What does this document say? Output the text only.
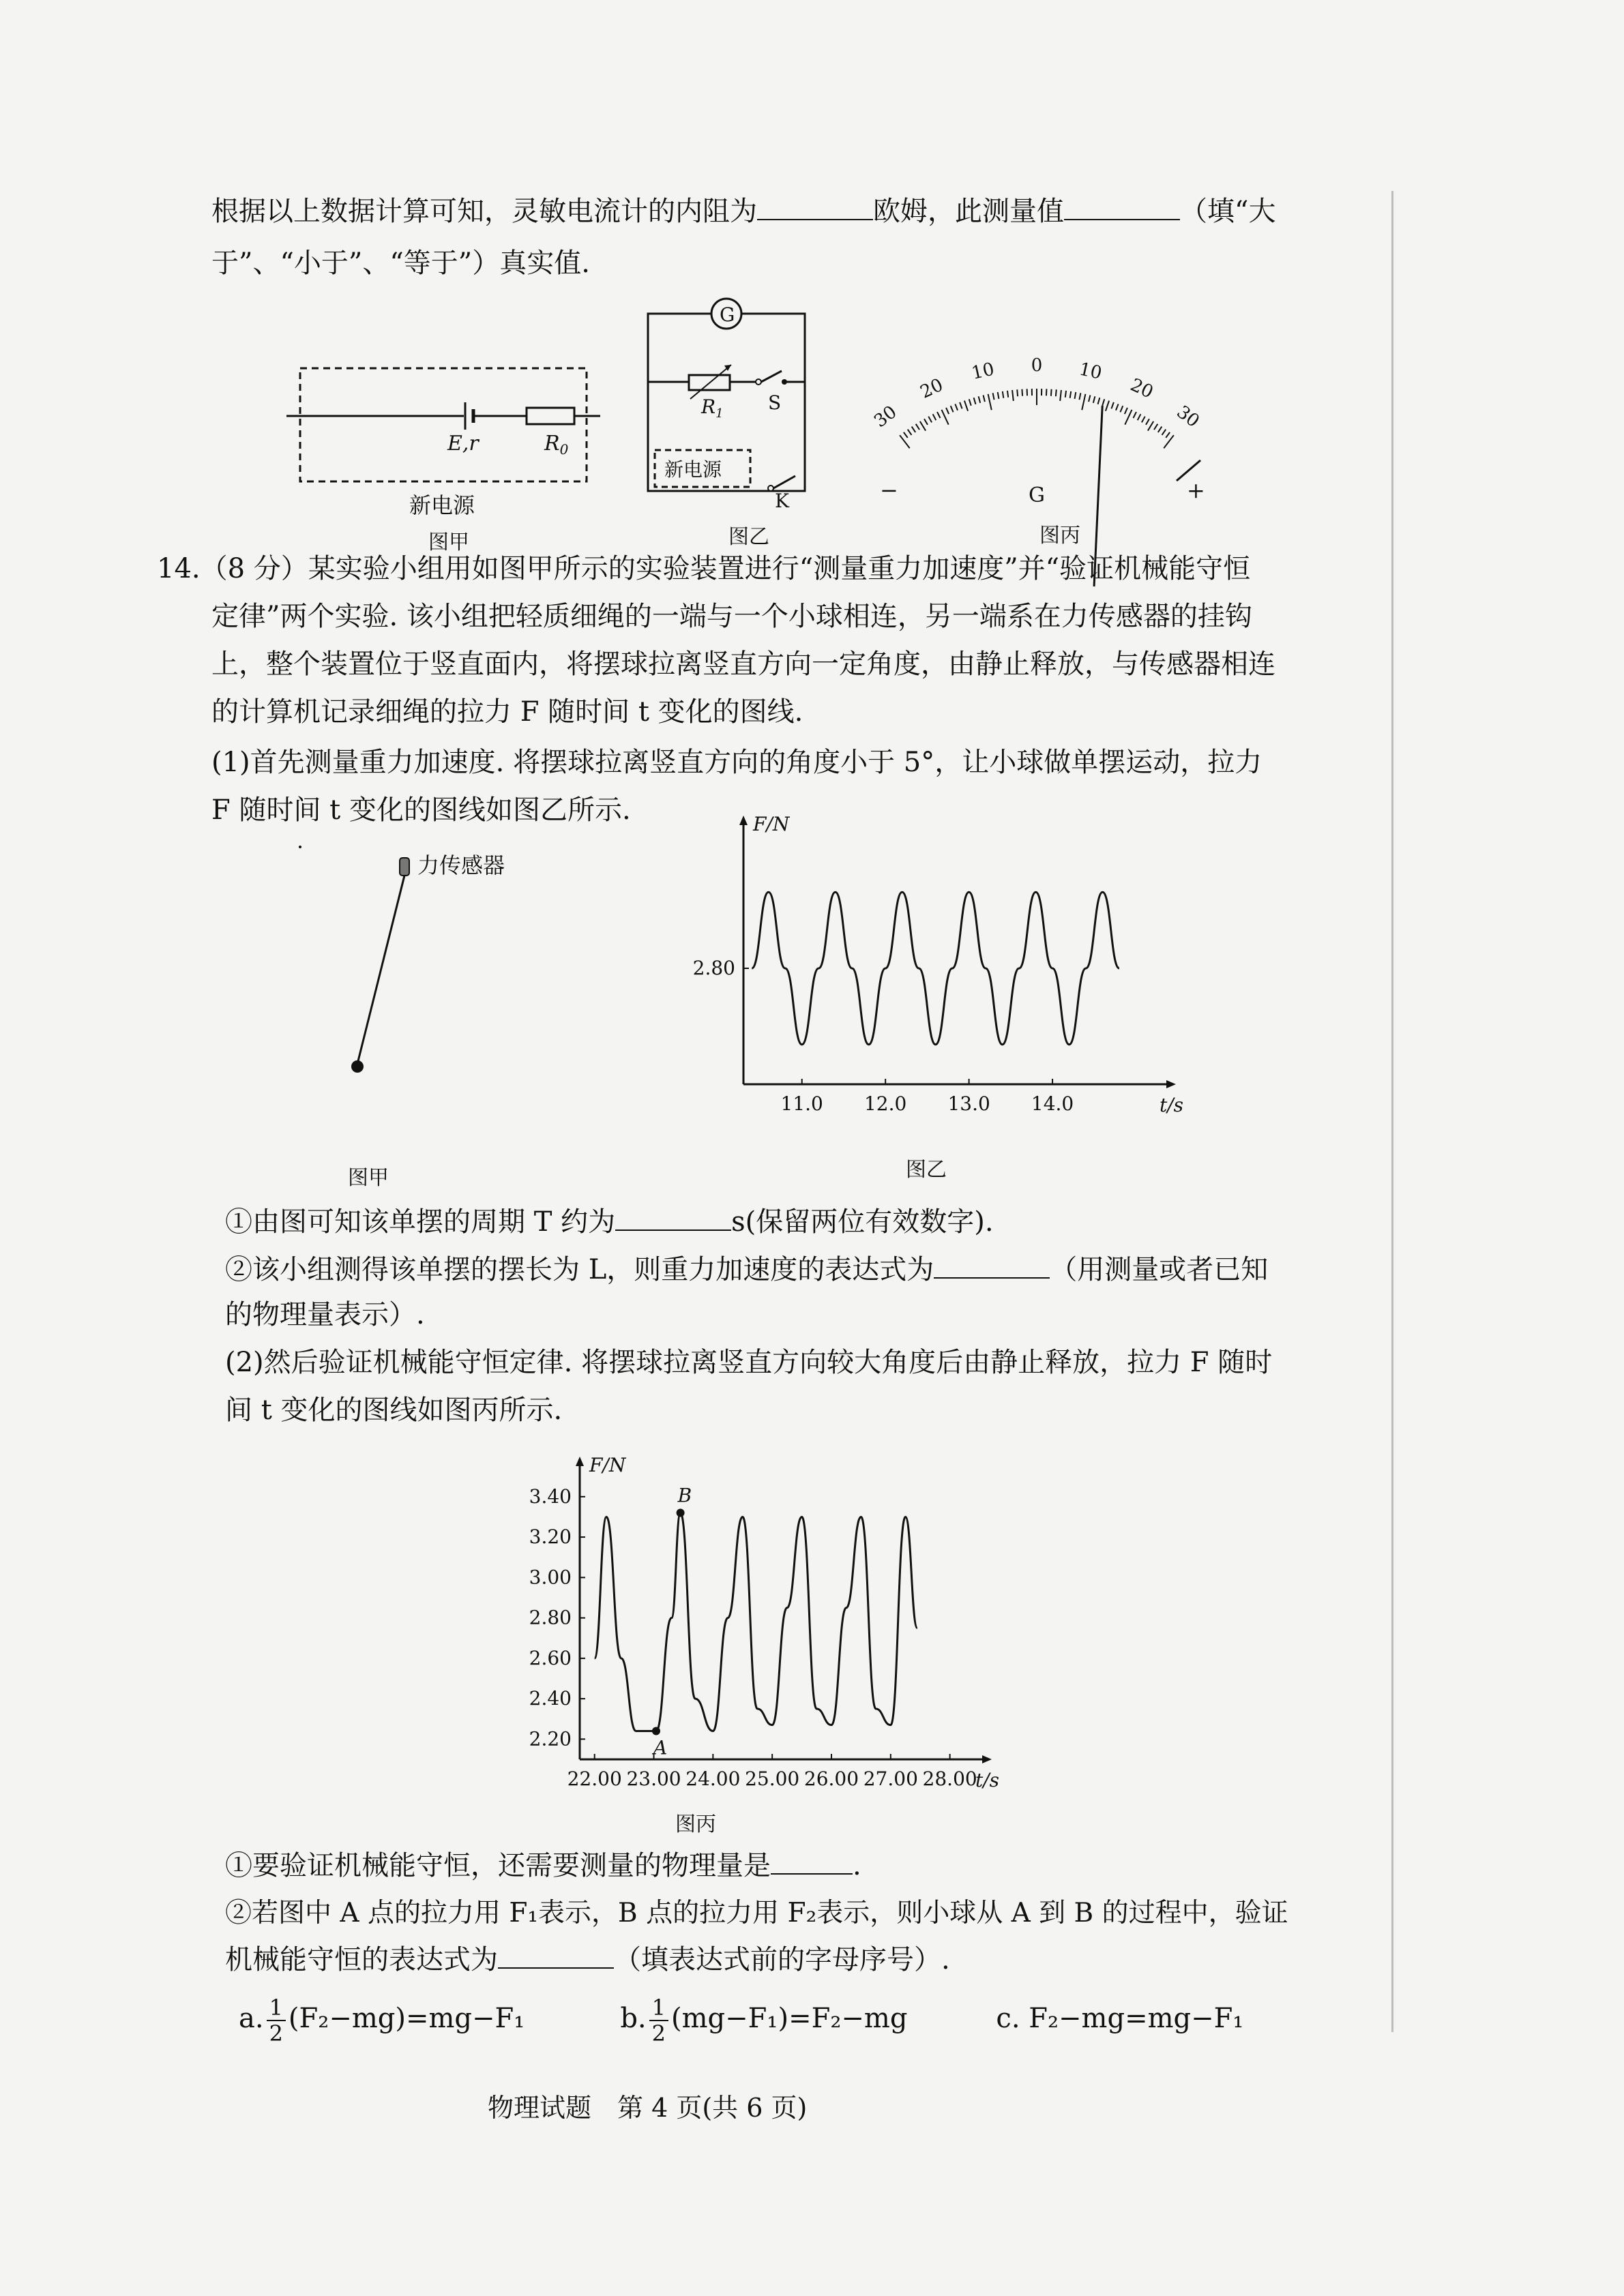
根据以上数据计算可知，灵敏电流计的内阻为	欧姆，此测量值	（填“大
于”、“小于”、“等于”）真实值.
E,r	$R_0$
新电源
图甲
G
$R_1$ S
新电源
K
图乙
30
20
10 0 10
20
30
−	+
G
图丙
14.（8 分）某实验小组用如图甲所示的实验装置进行“测量重力加速度”并“验证机械能守恒
定律”两个实验. 该小组把轻质细绳的一端与一个小球相连，另一端系在力传感器的挂钩
上，整个装置位于竖直面内，将摆球拉离竖直方向一定角度，由静止释放，与传感器相连
的计算机记录细绳的拉力 F 随时间 t 变化的图线.
(1)首先测量重力加速度. 将摆球拉离竖直方向的角度小于 5°，让小球做单摆运动，拉力
F 随时间 t 变化的图线如图乙所示.
力传感器
图甲
F/N
t/s
11.0 12.0 13.0 14.0
2.80
图乙
①由图可知该单摆的周期 T 约为	s(保留两位有效数字).
②该小组测得该单摆的摆长为 L，则重力加速度的表达式为	（用测量或者已知
的物理量表示）.
(2)然后验证机械能守恒定律. 将摆球拉离竖直方向较大角度后由静止释放，拉力 F 随时
间 t 变化的图线如图丙所示.
F/N
t/s
22.00 23.00 24.00 25.00 26.00 27.00 28.00
2.20
2.40
2.60
2.80
3.00
3.20
3.40
A
B
图丙
①要验证机械能守恒，还需要测量的物理量是	.
②若图中 A 点的拉力用 F₁表示，B 点的拉力用 F₂表示，则小球从 A 到 B 的过程中，验证
物理试题　第 4 页(共 6 页)
机械能守恒的表达式为	（填表达式前的字母序号）.
a. $\frac{1}{2} (F_2-mg)=mg-F_1$	b. $\frac{1}{2} (mg-F_1)=F_2-mg$	c. F₂−mg=mg−F₁
